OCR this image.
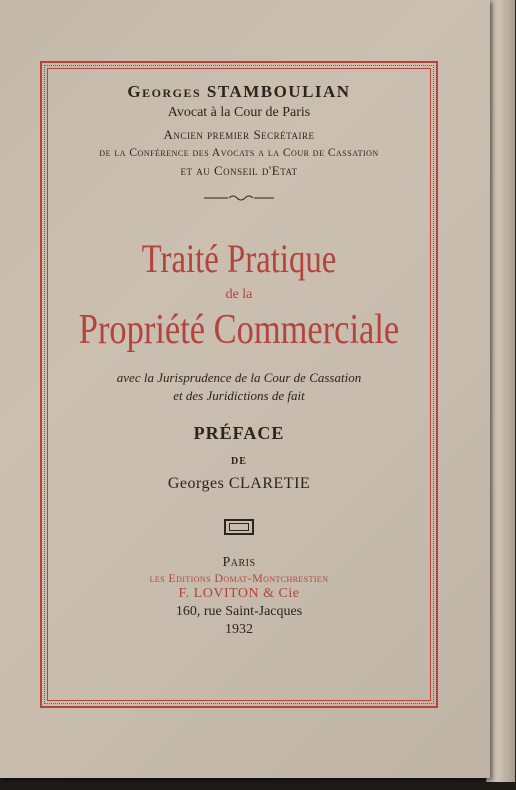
Georges STAMBOULIAN
Avocat à la Cour de Paris
Ancien premier Secrétaire
de la Conférence des Avocats a la Cour de Cassation
et au Conseil d'Etat
Traité Pratique
de la
Propriété Commerciale
avec la Jurisprudence de la Cour de Cassation
et des Juridictions de fait
PRÉFACE
DE
Georges CLARETIE
Paris
les Editions Domat-Montchrestien
F. LOVITON & Cie
160, rue Saint-Jacques
1932
